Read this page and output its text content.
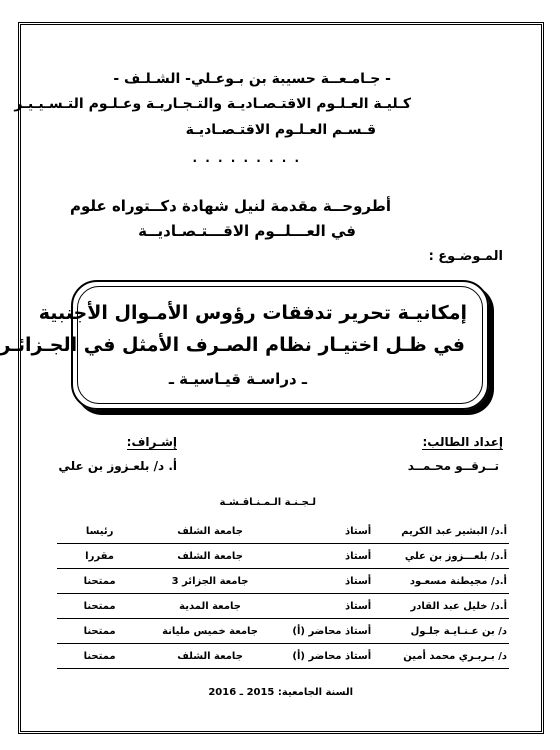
- جـامـعــة حسيبة بن بـوعـلي- الشـلـف -
كـليـة العـلـوم الاقتـصـاديـة والتـجـاريـة وعـلـوم التـسـيـيـر
قـسـم العـلـوم الاقتـصـاديـة
. . . . . . . . .
أطروحــة مقدمة لنيل شهادة دكــتوراه علوم
في العـــلــوم الاقـــتـصـاديــة
المـوضـوع :
إمكانيـة تحرير تدفقات رؤوس الأمـوال الأجنبية
في ظـل اختيـار نظام الصـرف الأمثل في الجـزائـر
ـ دراسـة قيـاسيـة ـ
إعداد الطالب:
تــرقــو محـمــد
إشـراف:
أ. د/ بلعـزوز بن علي
لـجـنـة الـمـنـاقـشـة
أ.د/ البشير عبد الكريم	أستاذ	جامعة الشلف	رئيسا
أ.د/ بلعـــزوز بن علي	أستاذ	جامعة الشلف	مقررا
أ.د/ مجيطنة مسعـود	أستاذ	جامعة الجزائر 3	ممتحنا
أ.د/ خليل عبد القادر	أستاذ	جامعة المدية	ممتحنا
د/ بن عـنـايـة جلـول	أستاذ محاضر (أ)	جامعة خميس مليانة	ممتحنا
د/ بـربـري محمد أمين	أستاذ محاضر (أ)	جامعة الشلف	ممتحنا
السنة الجامعية: 2015 ـ 2016
